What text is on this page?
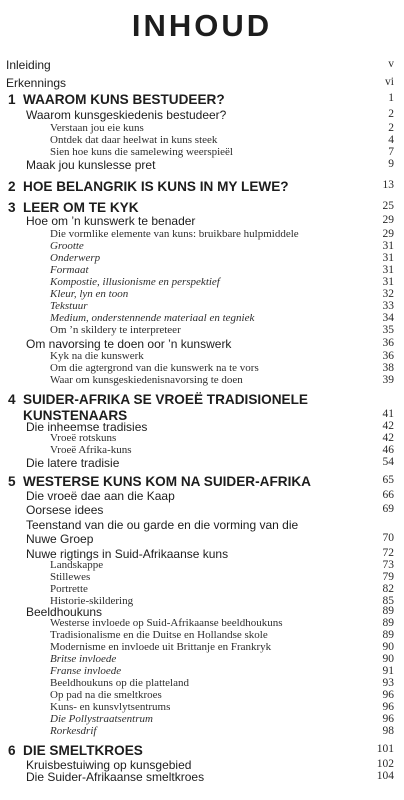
INHOUD
Inleiding	v
Erkennings	vi
1 WAAROM KUNS BESTUDEER?	1
Waarom kunsgeskiedenis bestudeer?	2
Verstaan jou eie kuns	2
Ontdek dat daar heelwat in kuns steek	4
Sien hoe kuns die samelewing weerspieël	7
Maak jou kunslesse pret	9
2 HOE BELANGRIK IS KUNS IN MY LEWE?	13
3 LEER OM TE KYK	25
Hoe om ’n kunswerk te benader	29
Die vormlike elemente van kuns: bruikbare hulpmiddele	29
Grootte	31
Onderwerp	31
Formaat	31
Kompostie, illusionisme en perspektief	31
Kleur, lyn en toon	32
Tekstuur	33
Medium, onderstennende materiaal en tegniek	34
Om ’n skildery te interpreteer	35
Om navorsing te doen oor ’n kunswerk	36
Kyk na die kunswerk	36
Om die agtergrond van die kunswerk na te vors	38
Waar om kunsgeskiedenisnavorsing te doen	39
4 SUIDER-AFRIKA SE VROEË TRADISIONELE
KUNSTENAARS	41
Die inheemse tradisies	42
Vroeë rotskuns	42
Vroeë Afrika-kuns	46
Die latere tradisie	54
5 WESTERSE KUNS KOM NA SUIDER-AFRIKA	65
Die vroeë dae aan die Kaap	66
Oorsese idees	69
Teenstand van die ou garde en die vorming van die
Nuwe Groep	70
Nuwe rigtings in Suid-Afrikaanse kuns	72
Landskappe	73
Stillewes	79
Portrette	82
Historie-skildering	85
Beeldhoukuns	89
Westerse invloede op Suid-Afrikaanse beeldhoukuns	89
Tradisionalisme en die Duitse en Hollandse skole	89
Modernisme en invloede uit Brittanje en Frankryk	90
Britse invloede	90
Franse invloede	91
Beeldhoukuns op die platteland	93
Op pad na die smeltkroes	96
Kuns- en kunsvlytsentrums	96
Die Pollystraatsentrum	96
Rorkesdrif	98
6 DIE SMELTKROES	101
Kruisbestuiwing op kunsgebied	102
Die Suider-Afrikaanse smeltkroes	104
